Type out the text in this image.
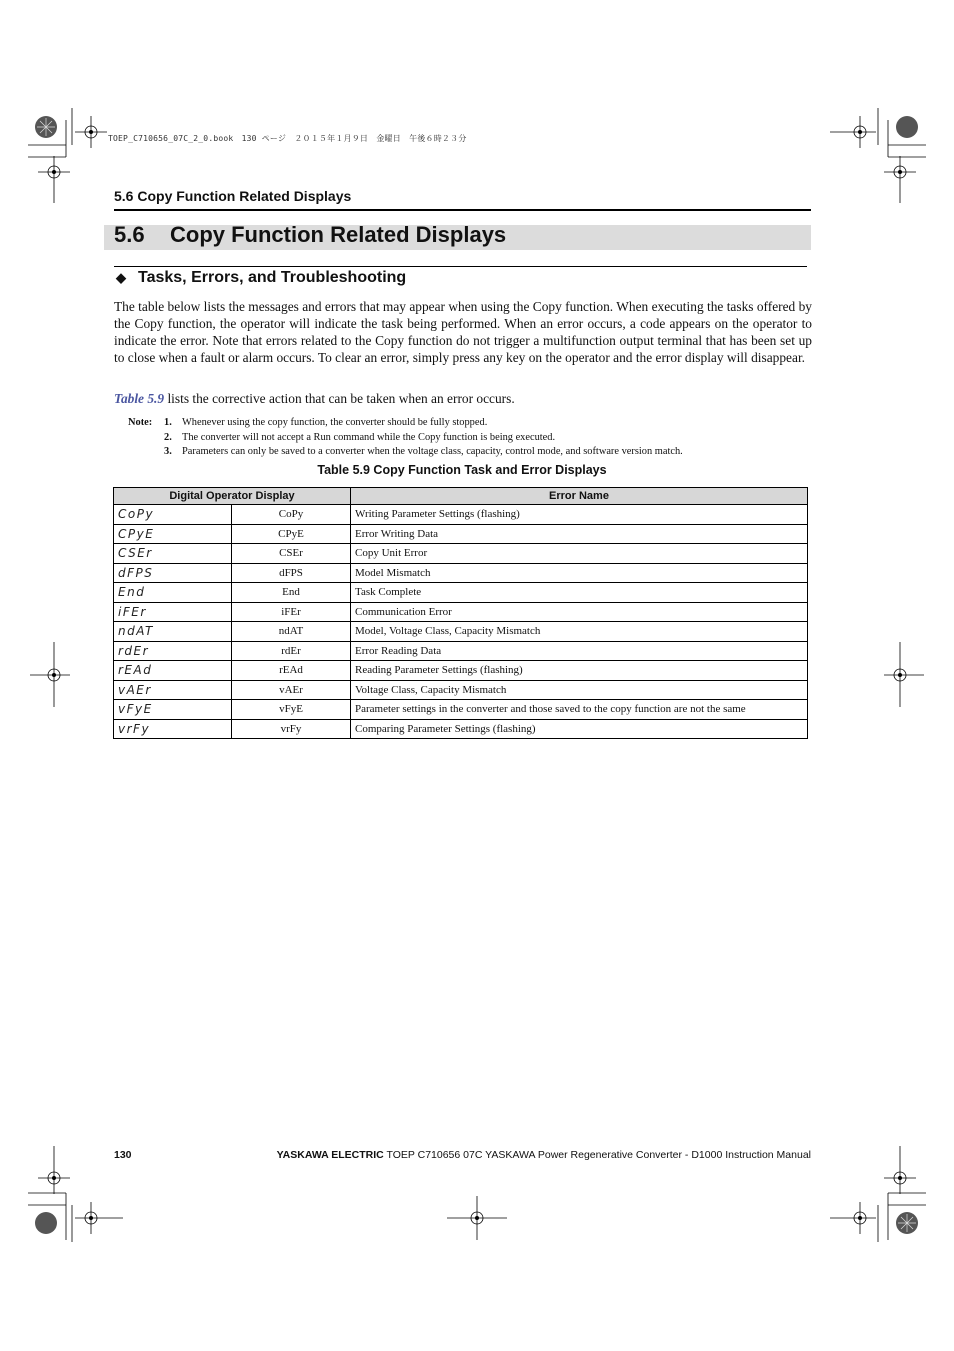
TOEP_C710656_07C_2_0.book　130 ページ　２０１５年１月９日　金曜日　午後６時２３分
5.6 Copy Function Related Displays
5.6 Copy Function Related Displays
◆ Tasks, Errors, and Troubleshooting

The table below lists the messages and errors that may appear when using the Copy function. When executing the tasks offered by the Copy function, the operator will indicate the task being performed. When an error occurs, a code appears on the operator to indicate the error. Note that errors related to the Copy function do not trigger a multifunction output terminal that has been set up to close when a fault or alarm occurs. To clear an error, simply press any key on the operator and the error display will disappear.

Table 5.9 lists the corrective action that can be taken when an error occurs.

Note:	1. Whenever using the copy function, the converter should be fully stopped.
2. The converter will not accept a Run command while the Copy function is being executed.
3. Parameters can only be saved to a converter when the voltage class, capacity, control mode, and software version match.
Table 5.9 Copy Function Task and Error Displays
Digital Operator Display		Error Name
CoPy	CoPy	Writing Parameter Settings (flashing)
CPyE	CPyE	Error Writing Data
CSEr	CSEr	Copy Unit Error
dFPS	dFPS	Model Mismatch
End	End	Task Complete
iFEr	iFEr	Communication Error
ndAT	ndAT	Model, Voltage Class, Capacity Mismatch
rdEr	rdEr	Error Reading Data
rEAd	rEAd	Reading Parameter Settings (flashing)
vAEr	vAEr	Voltage Class, Capacity Mismatch
vFyE	vFyE	Parameter settings in the converter and those saved to the copy function are not the same
vrFy	vrFy	Comparing Parameter Settings (flashing)
130	YASKAWA ELECTRIC TOEP C710656 07C YASKAWA Power Regenerative Converter - D1000 Instruction Manual
